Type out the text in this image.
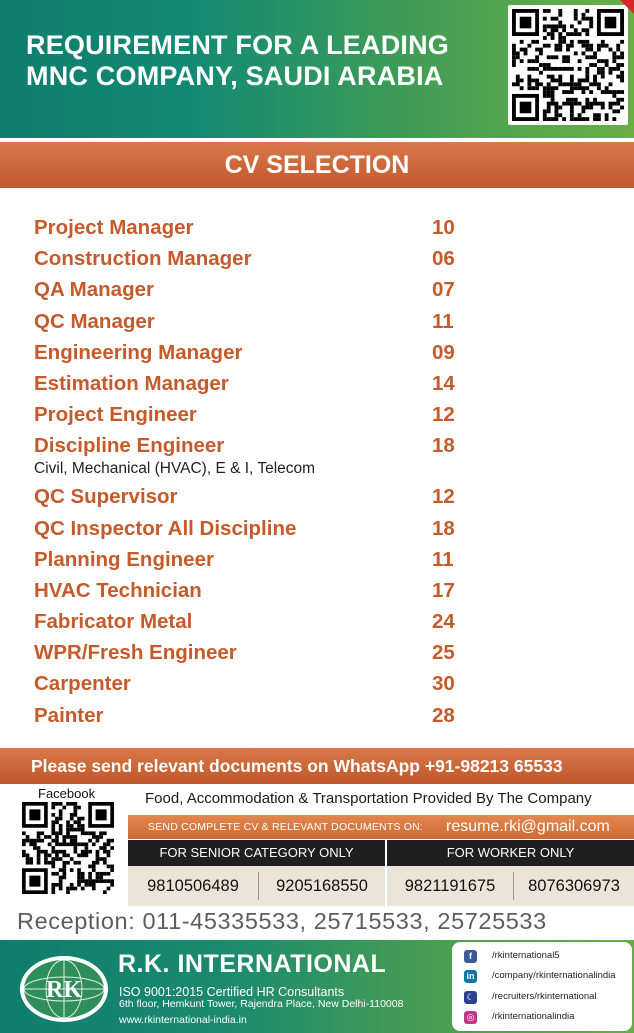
REQUIREMENT FOR A LEADING
MNC COMPANY, SAUDI ARABIA
CV SELECTION
Project Manager	10
Construction Manager	06
QA Manager	07
QC Manager	11
Engineering Manager	09
Estimation Manager	14
Project Engineer	12
Discipline Engineer	18
Civil, Mechanical (HVAC), E & I, Telecom
QC Supervisor	12
QC Inspector All Discipline	18
Planning Engineer	11
HVAC Technician	17
Fabricator Metal	24
WPR/Fresh Engineer	25
Carpenter	30
Painter	28
Please send relevant documents on WhatsApp +91-98213 65533
Facebook	Food, Accommodation & Transportation Provided By The Company
SEND COMPLETE CV & RELEVANT DOCUMENTS ON: resume.rki@gmail.com
FOR SENIOR CATEGORY ONLY	FOR WORKER ONLY
9810506489	9205168550	9821191675	8076306973
Reception: 011-45335533, 25715533, 25725533
RK
R.K. INTERNATIONAL
ISO 9001:2015 Certified HR Consultants
6th floor, Hemkunt Tower, Rajendra Place, New Delhi-110008
www.rkinternational-india.in
f	/rkinternational5
in /company/rkinternationalindia
☾ /recruiters/rkinternational
◎ /rkinternationalindia
